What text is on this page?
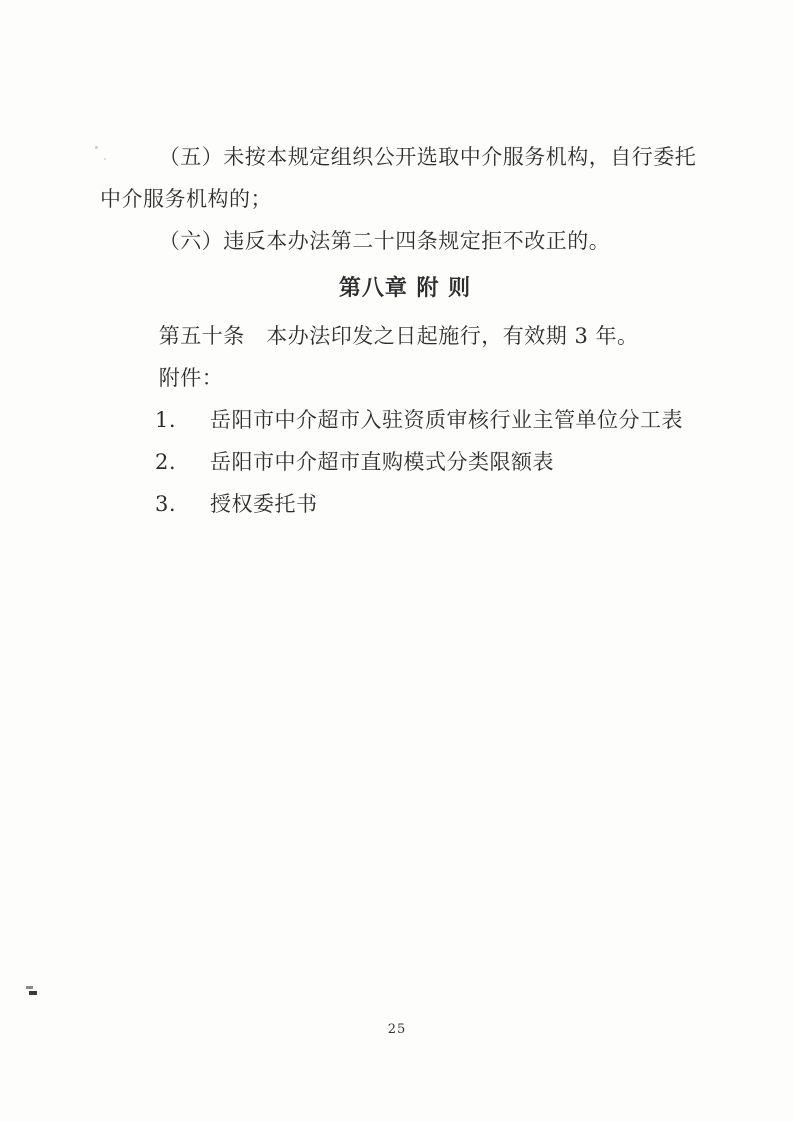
（五）未按本规定组织公开选取中介服务机构，自行委托中介服务机构的；

（六）违反本办法第二十四条规定拒不改正的。

第八章 附 则

第五十条　本办法印发之日起施行，有效期 3 年。

附件：

1. 岳阳市中介超市入驻资质审核行业主管单位分工表
2. 岳阳市中介超市直购模式分类限额表
3. 授权委托书
25
